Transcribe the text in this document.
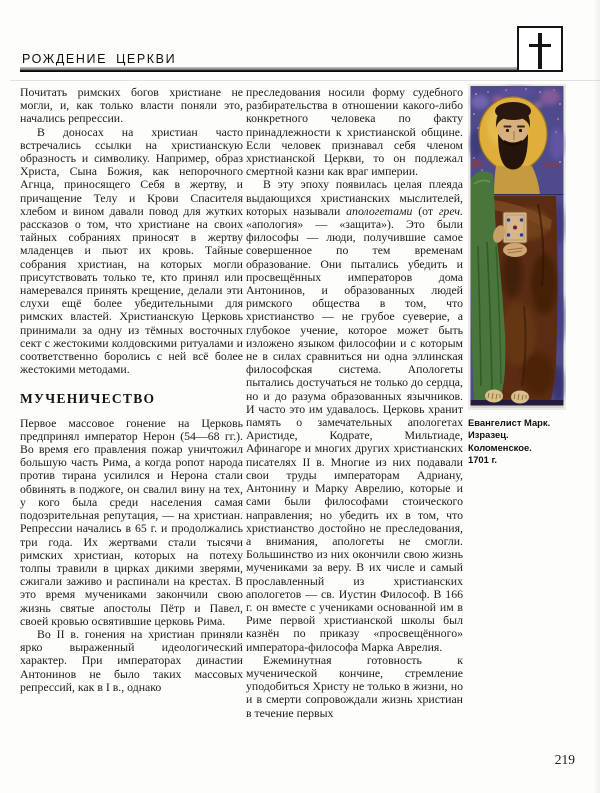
РОЖДЕНИЕ ЦЕРКВИ

Почитать римских богов христиане не могли, и, как только власти поняли это, начались репрессии.

В доносах на христиан часто встречались ссылки на христианскую образность и символику. Например, образ Христа, Сына Божия, как непорочного Агнца, приносящего Себя в жертву, и причащение Телу и Крови Спасителя хлебом и вином давали повод для жутких рассказов о том, что христиане на своих тайных собраниях приносят в жертву младенцев и пьют их кровь. Тайные собрания христиан, на которых могли присутствовать только те, кто принял или намеревался принять крещение, делали эти слухи ещё более убедительными для римских властей. Христианскую Церковь принимали за одну из тёмных восточных сект с жестокими колдовскими ритуалами и соответственно боролись с ней всё более жестокими методами.

МУЧЕНИЧЕСТВО

Первое массовое гонение на Церковь предпринял император Нерон (54—68 гг.). Во время его правления пожар уничтожил большую часть Рима, а когда ропот народа против тирана усилился и Нерона стали обвинять в поджоге, он свалил вину на тех, у кого была среди населения самая подозрительная репутация, — на христиан. Репрессии начались в 65 г. и продолжались три года. Их жертвами стали тысячи римских христиан, которых на потеху толпы травили в цирках дикими зверями, сжигали заживо и распинали на крестах. В это время мучениками закончили свою жизнь святые апостолы Пётр и Павел, своей кровью освятившие церковь Рима.

Во II в. гонения на христиан приняли ярко выраженный идеологический характер. При императорах династии Антонинов не было таких массовых репрессий, как в I в., однако

преследования носили форму судебного разбирательства в отношении какого-либо конкретного человека по факту принадлежности к христианской общине. Если человек признавал себя членом христианской Церкви, то он подлежал смертной казни как враг империи.

В эту эпоху появилась целая плеяда выдающихся христианских мыслителей, которых называли апологетами (от греч. «апология» — «защита»). Это были философы — люди, получившие самое совершенное по тем временам образование. Они пытались убедить и просвещённых императоров дома Антонинов, и образованных людей римского общества в том, что христианство — не грубое суеверие, а глубокое учение, которое может быть изложено языком философии и с которым не в силах сравниться ни одна эллинская философская система. Апологеты пытались достучаться не только до сердца, но и до разума образованных язычников. И часто это им удавалось. Церковь хранит память о замечательных апологетах Аристиде, Кодрате, Мильтиаде, Афинагоре и многих других христианских писателях II в. Многие из них подавали свои труды императорам Адриану, Антонину и Марку Аврелию, которые и сами были философами стоического направления; но убедить их в том, что христианство достойно не преследования, а внимания, апологеты не смогли. Большинство из них окончили свою жизнь мучениками за веру. В их числе и самый прославленный из христианских апологетов — св. Иустин Философ. В 166 г. он вместе с учениками основанной им в Риме первой христианской школы был казнён по приказу «просвещённого» императора-философа Марка Аврелия.

Ежеминутная готовность к мученической кончине, стремление уподобиться Христу не только в жизни, но и в смерти сопровождали жизнь христиан в течение первых

Ѿ	МАР
Евангелист Марк.
Изразец. Коломенское.
1701 г.
219
